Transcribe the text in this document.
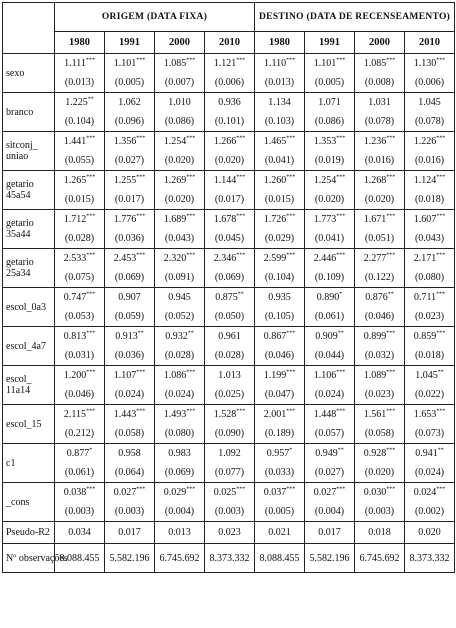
	ORIGEM (DATA FIXA)				DESTINO (DATA DE RECENSEAMENTO)			
	1980	1991	2000	2010	1980	1991	2000	2010
sexo	1.111***	1.101***	1.085***	1.121***	1.110***	1.101***	1.085***	1.130***
	(0.013)	(0.005)	(0.007)	(0.006)	(0.013)	(0.005)	(0.008)	(0.006)
branco	1.225**	1.062	1.010	0.936	1.134	1.071	1.031	1.045
	(0.104)	(0.096)	(0.086)	(0.101)	(0.103)	(0.086)	(0.078)	(0.078)
sitconj_ uniao	1.441***	1.356***	1.254***	1.266***	1.465***	1.353***	1.236***	1.226***
	(0.055)	(0.027)	(0.020)	(0.020)	(0.041)	(0.019)	(0.016)	(0.016)
getario 45a54	1.265***	1.255***	1.269***	1.144***	1.260***	1.254***	1.268***	1.124***
	(0.015)	(0.017)	(0.020)	(0.017)	(0.015)	(0.020)	(0.020)	(0.018)
getario 35a44	1.712***	1.776***	1.689***	1.678***	1.726***	1.773***	1.671***	1.607***
	(0.028)	(0.036)	(0.043)	(0.045)	(0.029)	(0.041)	(0.051)	(0.043)
getario 25a34	2.533***	2.453***	2.320***	2.346***	2.599***	2.446***	2.277***	2.171***
	(0.075)	(0.069)	(0.091)	(0.069)	(0.104)	(0.109)	(0.122)	(0.080)
escol_0a3	0.747***	0.907	0.945	0.875**	0.935	0.890*	0.876**	0.711***
	(0.053)	(0.059)	(0.052)	(0.050)	(0.105)	(0.061)	(0.046)	(0.023)
escol_4a7	0.813***	0.913**	0.932**	0.961	0.867***	0.909**	0.899***	0.859***
	(0.031)	(0.036)	(0.028)	(0.028)	(0.046)	(0.044)	(0.032)	(0.018)
escol_ 11a14	1.200***	1.107***	1.086***	1.013	1.199***	1.106***	1.089***	1.045**
	(0.046)	(0.024)	(0.024)	(0.025)	(0.047)	(0.024)	(0.023)	(0.022)
escol_15	2.115***	1.443***	1.493***	1.528***	2.001***	1.448***	1.561***	1.653***
	(0.212)	(0.058)	(0.080)	(0.090)	(0.189)	(0.057)	(0.058)	(0.073)
c1	0.877*	0.958	0.983	1.092	0.957*	0.949**	0.928***	0.941**
	(0.061)	(0.064)	(0.069)	(0.077)	(0.033)	(0.027)	(0.020)	(0.024)
_cons	0.038***	0.027***	0.029***	0.025***	0.037***	0.027***	0.030***	0.024***
	(0.003)	(0.003)	(0.004)	(0.003)	(0.005)	(0.004)	(0.003)	(0.002)
Pseudo-R2	0.034	0.017	0.013	0.023	0.021	0.017	0.018	0.020
Nº observações	8.088.455	5.582.196	6.745.692	8.373.332	8.088.455	5.582.196	6.745.692	8.373.332
